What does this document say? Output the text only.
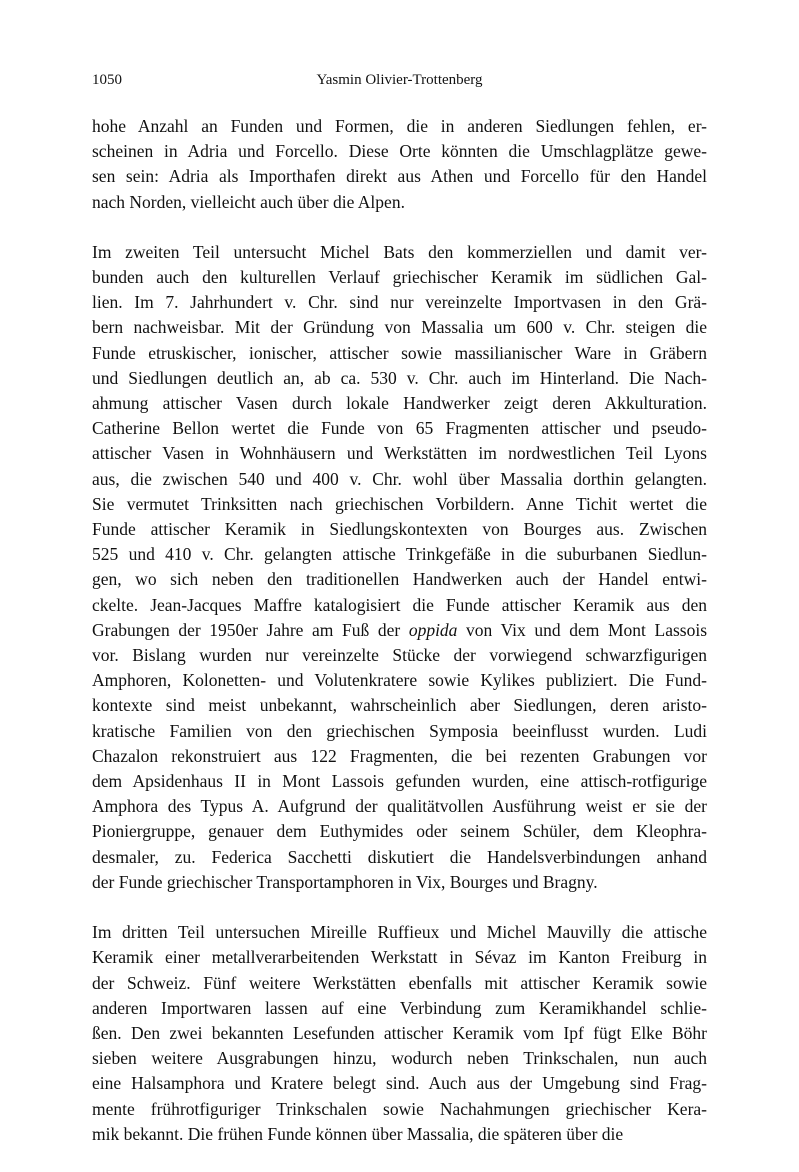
1050	Yasmin Olivier-Trottenberg

hohe Anzahl an Funden und Formen, die in anderen Siedlungen fehlen, er-

scheinen in Adria und Forcello. Diese Orte könnten die Umschlagplätze gewe-

sen sein: Adria als Importhafen direkt aus Athen und Forcello für den Handel

nach Norden, vielleicht auch über die Alpen.

Im zweiten Teil untersucht Michel Bats den kommerziellen und damit ver-

bunden auch den kulturellen Verlauf griechischer Keramik im südlichen Gal-

lien. Im 7. Jahrhundert v. Chr. sind nur vereinzelte Importvasen in den Grä-

bern nachweisbar. Mit der Gründung von Massalia um 600 v. Chr. steigen die

Funde etruskischer, ionischer, attischer sowie massilianischer Ware in Gräbern

und Siedlungen deutlich an, ab ca. 530 v. Chr. auch im Hinterland. Die Nach-

ahmung attischer Vasen durch lokale Handwerker zeigt deren Akkulturation.

Catherine Bellon wertet die Funde von 65 Fragmenten attischer und pseudo-

attischer Vasen in Wohnhäusern und Werkstätten im nordwestlichen Teil Lyons

aus, die zwischen 540 und 400 v. Chr. wohl über Massalia dorthin gelangten.

Sie vermutet Trinksitten nach griechischen Vorbildern. Anne Tichit wertet die

Funde attischer Keramik in Siedlungskontexten von Bourges aus. Zwischen

525 und 410 v. Chr. gelangten attische Trinkgefäße in die suburbanen Siedlun-

gen, wo sich neben den traditionellen Handwerken auch der Handel entwi-

ckelte. Jean-Jacques Maffre katalogisiert die Funde attischer Keramik aus den

Grabungen der 1950er Jahre am Fuß der oppida von Vix und dem Mont Lassois

vor. Bislang wurden nur vereinzelte Stücke der vorwiegend schwarzfigurigen

Amphoren, Kolonetten- und Volutenkratere sowie Kylikes publiziert. Die Fund-

kontexte sind meist unbekannt, wahrscheinlich aber Siedlungen, deren aristo-

kratische Familien von den griechischen Symposia beeinflusst wurden. Ludi

Chazalon rekonstruiert aus 122 Fragmenten, die bei rezenten Grabungen vor

dem Apsidenhaus II in Mont Lassois gefunden wurden, eine attisch-rotfigurige

Amphora des Typus A. Aufgrund der qualitätvollen Ausführung weist er sie der

Pioniergruppe, genauer dem Euthymides oder seinem Schüler, dem Kleophra-

desmaler, zu. Federica Sacchetti diskutiert die Handelsverbindungen anhand

der Funde griechischer Transportamphoren in Vix, Bourges und Bragny.

Im dritten Teil untersuchen Mireille Ruffieux und Michel Mauvilly die attische

Keramik einer metallverarbeitenden Werkstatt in Sévaz im Kanton Freiburg in

der Schweiz. Fünf weitere Werkstätten ebenfalls mit attischer Keramik sowie

anderen Importwaren lassen auf eine Verbindung zum Keramikhandel schlie-

ßen. Den zwei bekannten Lesefunden attischer Keramik vom Ipf fügt Elke Böhr

sieben weitere Ausgrabungen hinzu, wodurch neben Trinkschalen, nun auch

eine Halsamphora und Kratere belegt sind. Auch aus der Umgebung sind Frag-

mente frührotfiguriger Trinkschalen sowie Nachahmungen griechischer Kera-

mik bekannt. Die frühen Funde können über Massalia, die späteren über die
